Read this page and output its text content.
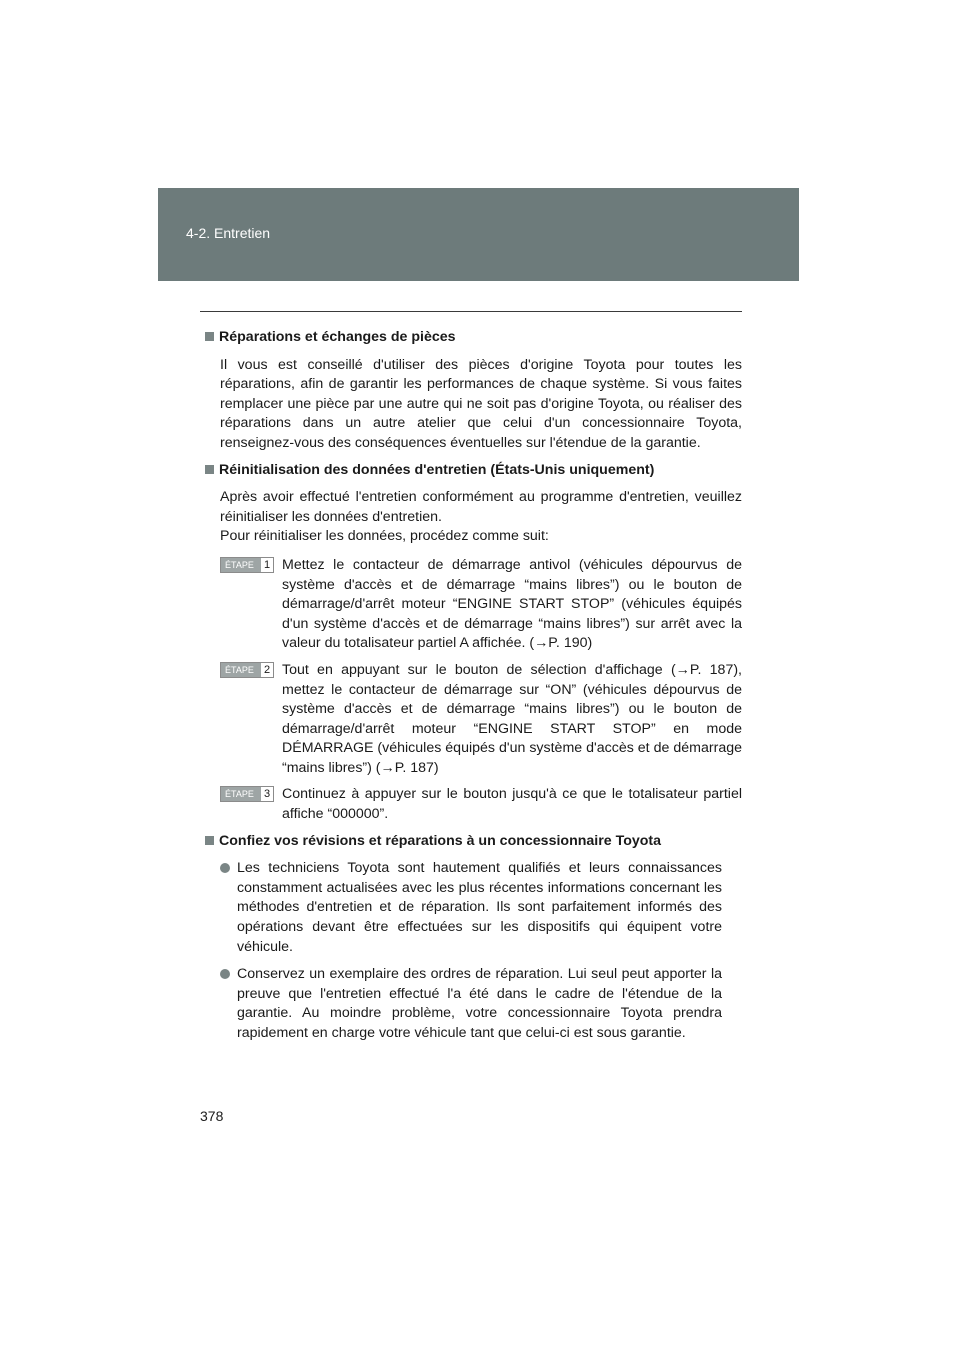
4-2. Entretien
Réparations et échanges de pièces

Il vous est conseillé d'utiliser des pièces d'origine Toyota pour toutes les réparations, afin de garantir les performances de chaque système. Si vous faites remplacer une pièce par une autre qui ne soit pas d'origine Toyota, ou réaliser des réparations dans un autre atelier que celui d'un concessionnaire Toyota, renseignez-vous des conséquences éventuelles sur l'étendue de la garantie.

Réinitialisation des données d'entretien (États-Unis uniquement)

Après avoir effectué l'entretien conformément au programme d'entretien, veuillez réinitialiser les données d'entretien.

Pour réinitialiser les données, procédez comme suit:

ÉTAPE 1 Mettez le contacteur de démarrage antivol (véhicules dépourvus de système d'accès et de démarrage “mains libres”) ou le bouton de démarrage/d'arrêt moteur “ENGINE START STOP” (véhicules équipés d'un système d'accès et de démarrage “mains libres”) sur arrêt avec la valeur du totalisateur partiel A affichée. (→P. 190)
ÉTAPE 2 Tout en appuyant sur le bouton de sélection d'affichage (→P. 187), mettez le contacteur de démarrage sur “ON” (véhicules dépourvus de système d'accès et de démarrage “mains libres”) ou le bouton de démarrage/d'arrêt moteur “ENGINE START STOP” en mode DÉMARRAGE (véhicules équipés d'un système d'accès et de démarrage “mains libres”) (→P. 187)
ÉTAPE 3 Continuez à appuyer sur le bouton jusqu'à ce que le totalisateur partiel affiche “000000”.
Confiez vos révisions et réparations à un concessionnaire Toyota
Les techniciens Toyota sont hautement qualifiés et leurs connaissances constamment actualisées avec les plus récentes informations concernant les méthodes d'entretien et de réparation. Ils sont parfaitement informés des opérations devant être effectuées sur les dispositifs qui équipent votre véhicule.
Conservez un exemplaire des ordres de réparation. Lui seul peut apporter la preuve que l'entretien effectué l'a été dans le cadre de l'étendue de la garantie. Au moindre problème, votre concessionnaire Toyota prendra rapidement en charge votre véhicule tant que celui-ci est sous garantie.
378
